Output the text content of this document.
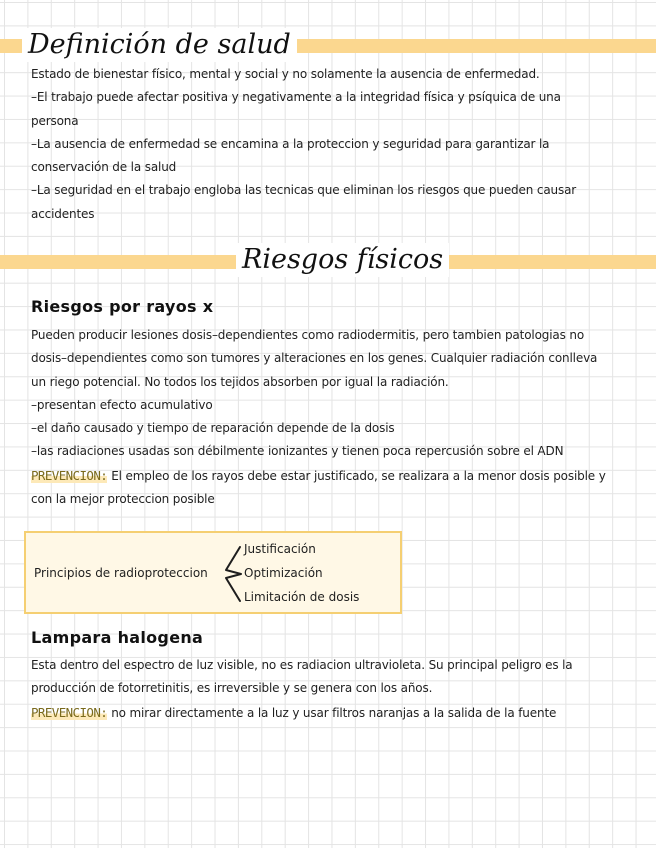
Definición de salud
Estado de bienestar físico, mental y social y no solamente la ausencia de enfermedad.
–El trabajo puede afectar positiva y negativamente a la integridad física y psíquica de una
persona
–La ausencia de enfermedad se encamina a la proteccion y seguridad para garantizar la
conservación de la salud
–La seguridad en el trabajo engloba las tecnicas que eliminan los riesgos que pueden causar
accidentes
Riesgos físicos
Riesgos por rayos x
Pueden producir lesiones dosis–dependientes como radiodermitis, pero tambien patologias no
dosis–dependientes como son tumores y alteraciones en los genes. Cualquier radiación conlleva
un riego potencial. No todos los tejidos absorben por igual la radiación.
–presentan efecto acumulativo
–el daño causado y tiempo de reparación depende de la dosis
–las radiaciones usadas son débilmente ionizantes y tienen poca repercusión sobre el ADN
PREVENCION: El empleo de los rayos debe estar justificado, se realizara a la menor dosis posible y
con la mejor proteccion posible
Principios de radioproteccion
Justificación
Optimización
Limitación de dosis
Lampara halogena
Esta dentro del espectro de luz visible, no es radiacion ultravioleta. Su principal peligro es la
producción de fotorretinitis, es irreversible y se genera con los años.
PREVENCION: no mirar directamente a la luz y usar filtros naranjas a la salida de la fuente
